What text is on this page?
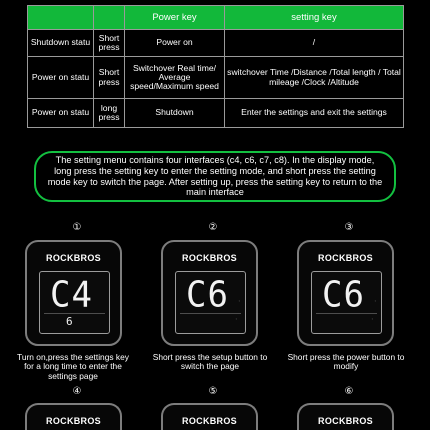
		Power key	setting key
Shutdown statu	Short press	Power on	/
Power on statu	Short press	Switchover Real time/ Average speed/Maximum speed	switchover Time /Distance /Total length / Total mileage /Clock /Altitude
Power on statu	long press	Shutdown	Enter the settings and exit the settings
The setting menu contains four interfaces (c4, c6, c7, c8). In the display mode, long press the setting key to enter the setting mode, and short press the setting mode key to switch the page. After setting up, press the setting key to return to the main interface
①	②	③
ROCKBROS
C4
6
ROCKBROS
C6	▫
▫
ROCKBROS
C6	▫
▫
Turn on,press the settings key for a long time to enter the settings page
Short press the setup button to switch the page
Short press the power button to modify
④	⑤	⑥
ROCKBROS	ROCKBROS	ROCKBROS
